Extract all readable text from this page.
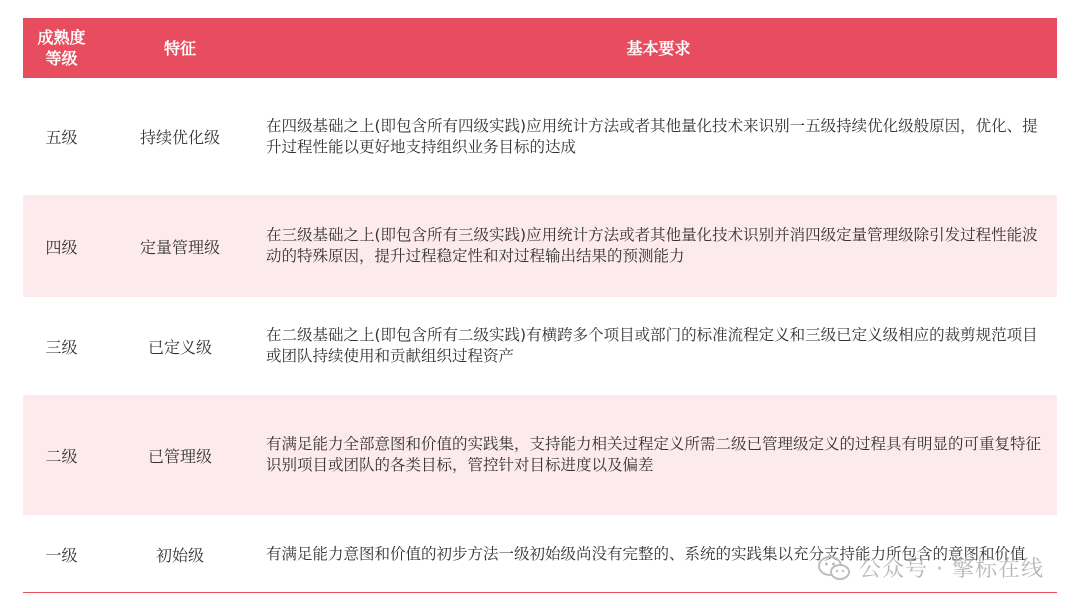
成熟度
等级	特征	基本要求
五级	持续优化级	在四级基础之上(即包含所有四级实践)应用统计方法或者其他量化技术来识别一五级持续优化级般原因，优化、提升过程性能以更好地支持组织业务目标的达成
四级	定量管理级	在三级基础之上(即包含所有三级实践)应用统计方法或者其他量化技术识别并消四级定量管理级除引发过程性能波动的特殊原因，提升过程稳定性和对过程输出结果的预测能力
三级	已定义级	在二级基础之上(即包含所有二级实践)有横跨多个项目或部门的标准流程定义和三级已定义级相应的裁剪规范项目或团队持续使用和贡献组织过程资产
二级	已管理级	有满足能力全部意图和价值的实践集，支持能力相关过程定义所需二级已管理级定义的过程具有明显的可重复特征识别项目或团队的各类目标，管控针对目标进度以及偏差
一级	初始级	有满足能力意图和价值的初步方法一级初始级尚没有完整的、系统的实践集以充分支持能力所包含的意图和价值
公众号 · 擎标在线
